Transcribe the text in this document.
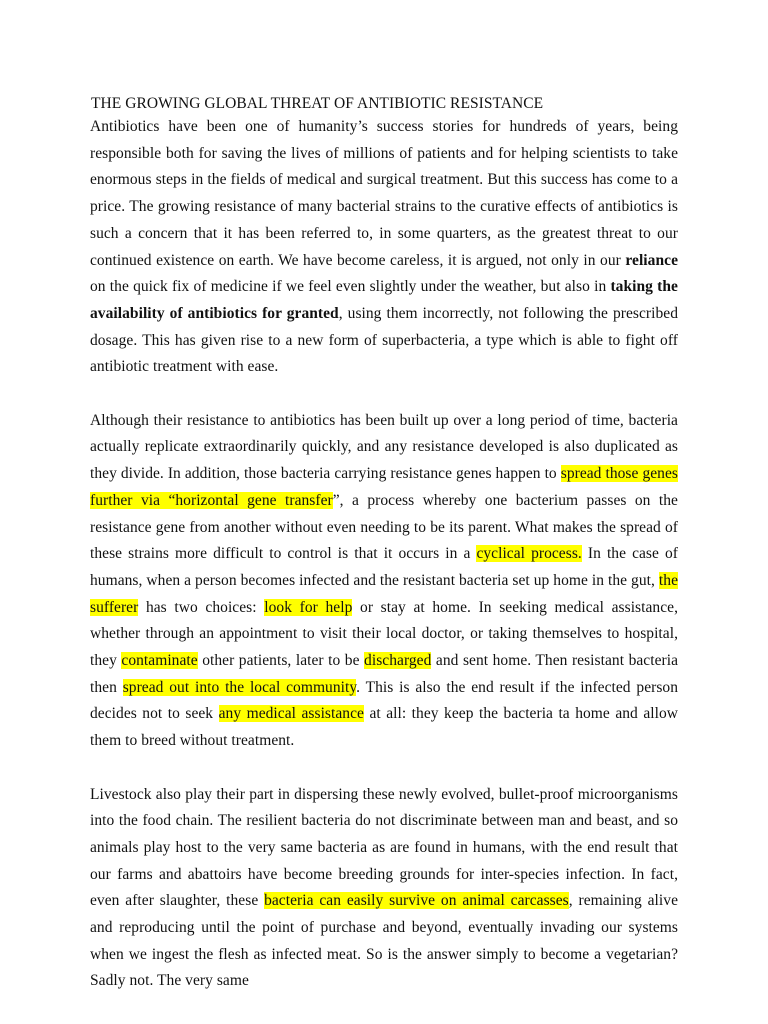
THE GROWING GLOBAL THREAT OF ANTIBIOTIC RESISTANCE

Antibiotics have been one of humanity’s success stories for hundreds of years, being responsible both for saving the lives of millions of patients and for helping scientists to take enormous steps in the fields of medical and surgical treatment. But this success has come to a price. The growing resistance of many bacterial strains to the curative effects of antibiotics is such a concern that it has been referred to, in some quarters, as the greatest threat to our continued existence on earth. We have become careless, it is argued, not only in our reliance on the quick fix of medicine if we feel even slightly under the weather, but also in taking the availability of antibiotics for granted, using them incorrectly, not following the prescribed dosage. This has given rise to a new form of superbacteria, a type which is able to fight off antibiotic treatment with ease.

Although their resistance to antibiotics has been built up over a long period of time, bacteria actually replicate extraordinarily quickly, and any resistance developed is also duplicated as they divide. In addition, those bacteria carrying resistance genes happen to spread those genes further via “horizontal gene transfer”, a process whereby one bacterium passes on the resistance gene from another without even needing to be its parent. What makes the spread of these strains more difficult to control is that it occurs in a cyclical process. In the case of humans, when a person becomes infected and the resistant bacteria set up home in the gut, the sufferer has two choices: look for help or stay at home. In seeking medical assistance, whether through an appointment to visit their local doctor, or taking themselves to hospital, they contaminate other patients, later to be discharged and sent home. Then resistant bacteria then spread out into the local community. This is also the end result if the infected person decides not to seek any medical assistance at all: they keep the bacteria ta home and allow them to breed without treatment.

Livestock also play their part in dispersing these newly evolved, bullet-proof microorganisms into the food chain. The resilient bacteria do not discriminate between man and beast, and so animals play host to the very same bacteria as are found in humans, with the end result that our farms and abattoirs have become breeding grounds for inter-species infection. In fact, even after slaughter, these bacteria can easily survive on animal carcasses, remaining alive and reproducing until the point of purchase and beyond, eventually invading our systems when we ingest the flesh as infected meat. So is the answer simply to become a vegetarian? Sadly not. The very same
